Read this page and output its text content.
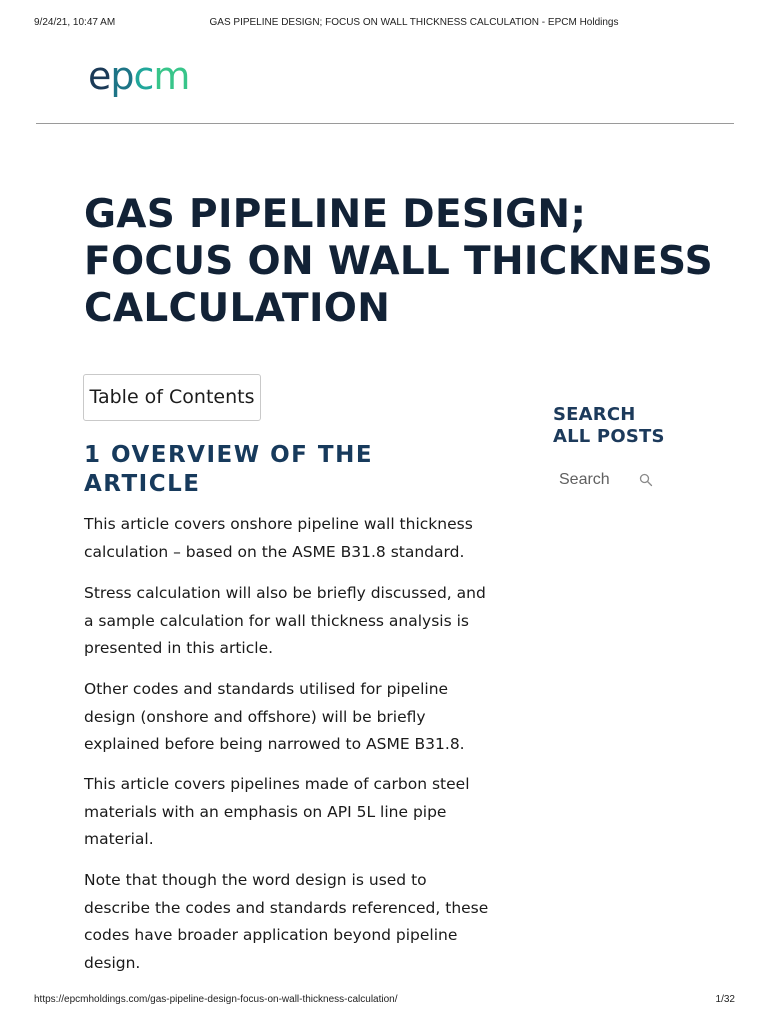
9/24/21, 10:47 AM	GAS PIPELINE DESIGN; FOCUS ON WALL THICKNESS CALCULATION - EPCM Holdings
e p c m
GAS PIPELINE DESIGN;
FOCUS ON WALL THICKNESS
CALCULATION
Table of Contents
1 OVERVIEW OF THE
ARTICLE
This article covers onshore pipeline wall thickness
calculation – based on the ASME B31.8 standard.
Stress calculation will also be briefly discussed, and
a sample calculation for wall thickness analysis is
presented in this article.
Other codes and standards utilised for pipeline
design (onshore and offshore) will be briefly
explained before being narrowed to ASME B31.8.
This article covers pipelines made of carbon steel
materials with an emphasis on API 5L line pipe
material.
Note that though the word design is used to
describe the codes and standards referenced, these
codes have broader application beyond pipeline
design.
SEARCH
ALL POSTS
Search
https://epcmholdings.com/gas-pipeline-design-focus-on-wall-thickness-calculation/	1/32
